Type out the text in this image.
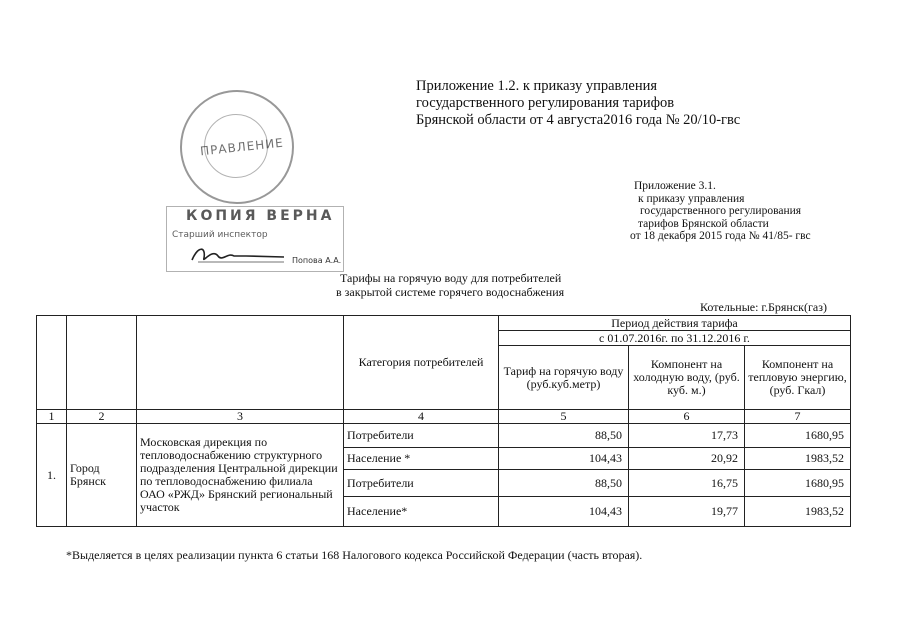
Приложение 1.2. к приказу управления
государственного регулирования тарифов
Брянской области от 4 августа2016 года № 20/10-гвс
ПРАВЛЕНИЕ
КОПИЯ ВЕРНА
Старший инспектор
Попова А.А.
Приложение 3.1.
к приказу управления
государственного регулирования
тарифов Брянской области
от 18 декабря 2015 года № 41/85- гвс
Тарифы на горячую воду для потребителей
в закрытой системе горячего водоснабжения
Котельные: г.Брянск(газ)
			Категория потребителей	Период действия тарифа		
				с 01.07.2016г. по 31.12.2016 г.		
				Тариф на горячую воду (руб.куб.метр)	Компонент на холодную воду, (руб. куб. м.)	Компонент на тепловую энергию, (руб. Гкал)
1	2	3	4	5	6	7
1.	Город Брянск	Московская дирекция по тепловодоснабжению структурного подразделения Центральной дирекции по тепловодоснабжению филиала ОАО «РЖД» Брянский региональный участок	Потребители	88,50	17,73	1680,95
			Население *	104,43	20,92	1983,52
			Потребители	88,50	16,75	1680,95
			Население*	104,43	19,77	1983,52
*Выделяется в целях реализации пункта 6 статьи 168 Налогового кодекса Российской Федерации (часть вторая).
